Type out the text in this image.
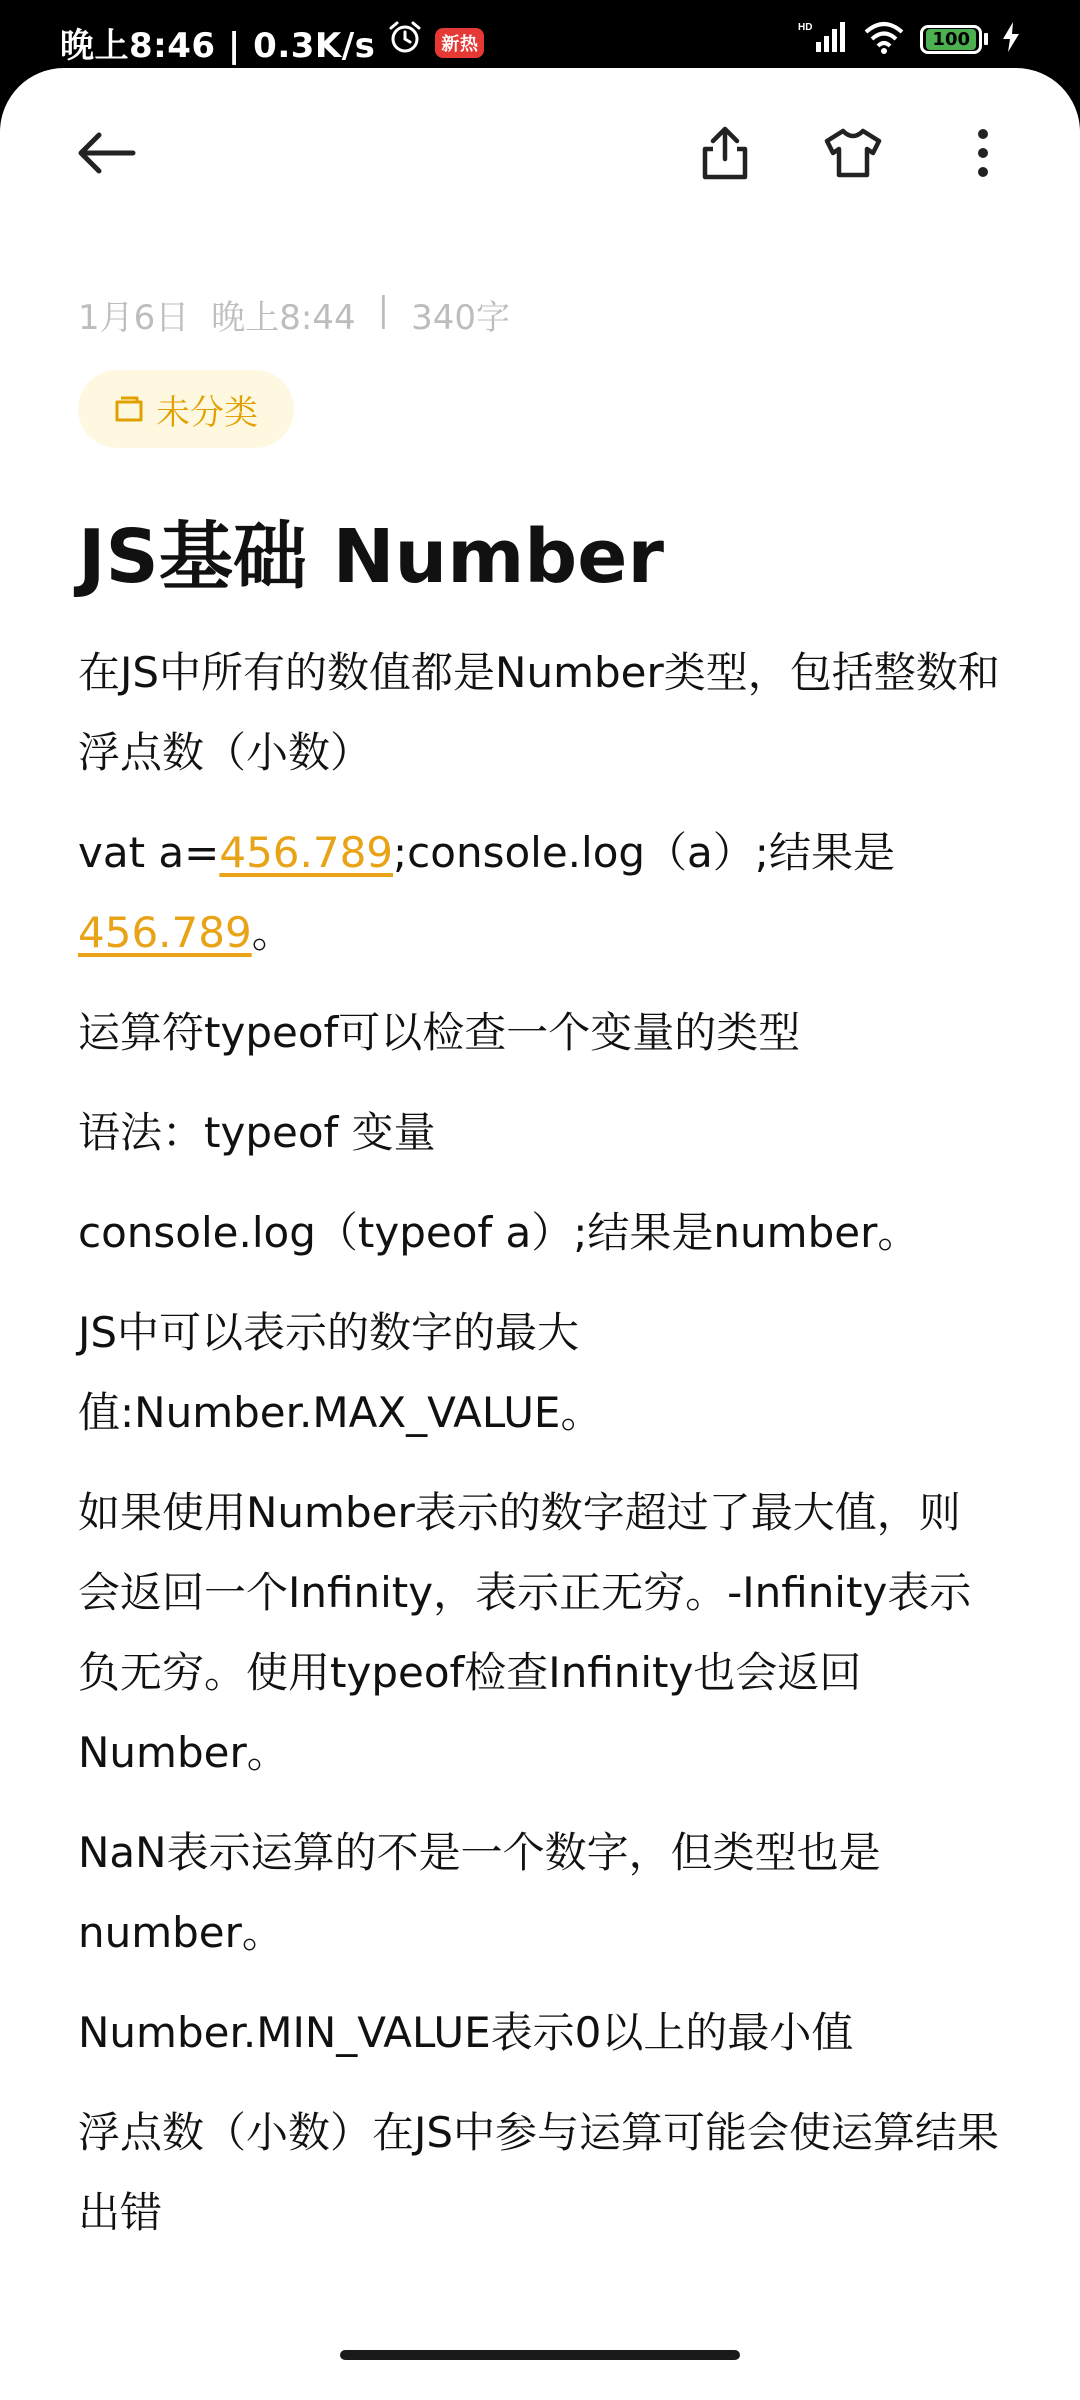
晚上8:46 | 0.3K/s	新热
HD
100
1月6日 晚上8:44 | 340字
未分类
JS基础 Number

在JS中所有的数值都是Number类型，包括整数和浮点数（小数）

vat a=456.789;console.log（a）;结果是456.789。

运算符typeof可以检查一个变量的类型

语法：typeof 变量

console.log（typeof a）;结果是number。

JS中可以表示的数字的最大值:Number.MAX_VALUE。

如果使用Number表示的数字超过了最大值，则会返回一个Infinity，表示正无穷。-Infinity表示负无穷。使用typeof检查Infinity也会返回Number。

NaN表示运算的不是一个数字，但类型也是number。

Number.MIN_VALUE表示0以上的最小值

浮点数（小数）在JS中参与运算可能会使运算结果出错
